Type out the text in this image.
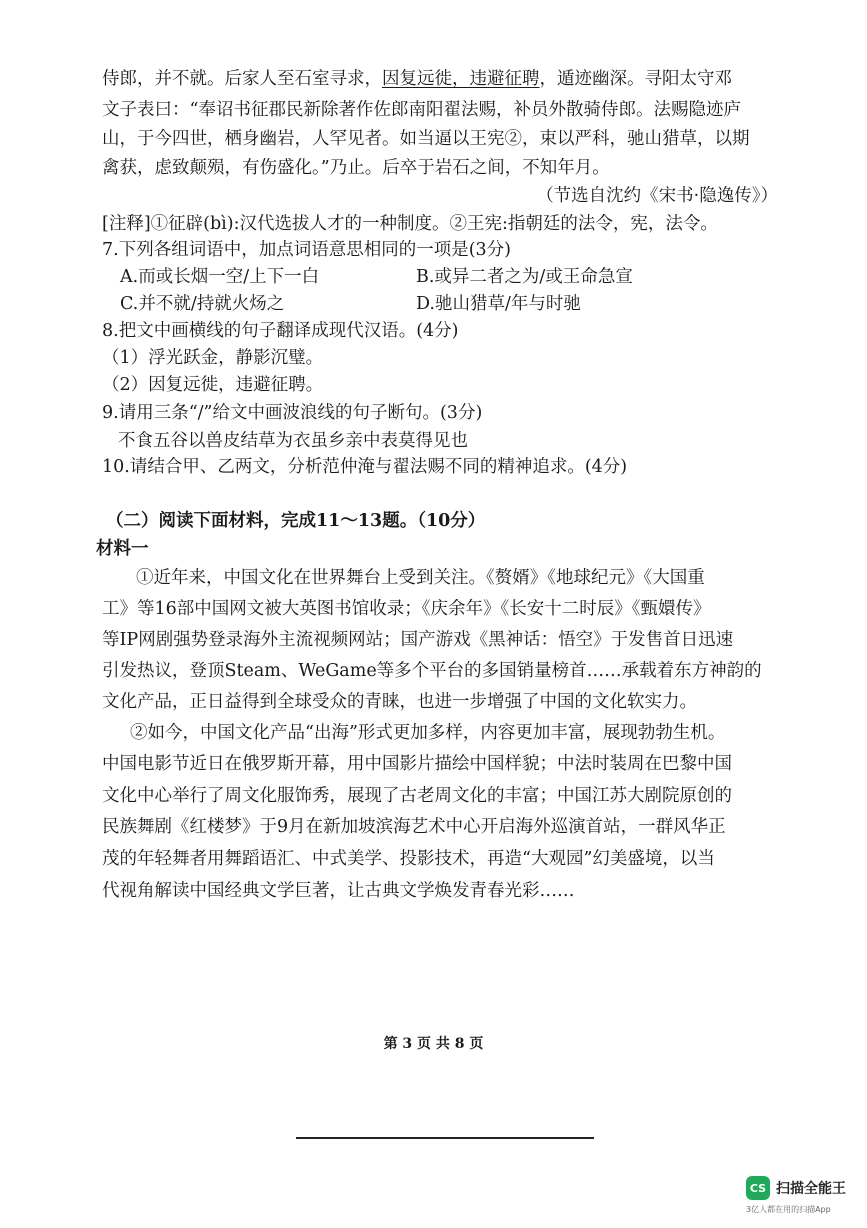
侍郎，并不就。后家人至石室寻求，因复远徙，违避征聘，遁迹幽深。寻阳太守邓
文子表曰：“奉诏书征郡民新除著作佐郎南阳翟法赐，补员外散骑侍郎。法赐隐迹庐
山，于今四世，栖身幽岩，人罕见者。如当逼以王宪②，束以严科，驰山猎草，以期
禽获，虑致颠殒，有伤盛化。”乃止。后卒于岩石之间，不知年月。
（节选自沈约《宋书·隐逸传》）
[注释]①征辟(bì):汉代选拔人才的一种制度。②王宪:指朝廷的法令，宪，法令。
7.下列各组词语中，加点词语意思相同的一项是(3分)
A.而或长烟一空/上下一白	B.或异二者之为/或王命急宣
C.并不就/持就火炀之	D.驰山猎草/年与时驰
8.把文中画横线的句子翻译成现代汉语。(4分)
（1）浮光跃金，静影沉璧。
（2）因复远徙，违避征聘。
9.请用三条“/”给文中画波浪线的句子断句。(3分)
不食五谷以兽皮结草为衣虽乡亲中表莫得见也
10.请结合甲、乙两文，分析范仲淹与翟法赐不同的精神追求。(4分)
（二）阅读下面材料，完成11～13题。（10分）
材料一
①近年来，中国文化在世界舞台上受到关注。《赘婿》《地球纪元》《大国重
工》等16部中国网文被大英图书馆收录；《庆余年》《长安十二时辰》《甄嬛传》
等IP网剧强势登录海外主流视频网站；国产游戏《黑神话：悟空》于发售首日迅速
引发热议，登顶Steam、WeGame等多个平台的多国销量榜首……承载着东方神韵的
文化产品，正日益得到全球受众的青睐，也进一步增强了中国的文化软实力。
②如今，中国文化产品“出海”形式更加多样，内容更加丰富，展现勃勃生机。
中国电影节近日在俄罗斯开幕，用中国影片描绘中国样貌；中法时装周在巴黎中国
文化中心举行了周文化服饰秀，展现了古老周文化的丰富；中国江苏大剧院原创的
民族舞剧《红楼梦》于9月在新加坡滨海艺术中心开启海外巡演首站，一群风华正
茂的年轻舞者用舞蹈语汇、中式美学、投影技术，再造“大观园”幻美盛境，以当
代视角解读中国经典文学巨著，让古典文学焕发青春光彩……
第 3 页 共 8 页
CS 扫描全能王
3亿人都在用的扫描App
